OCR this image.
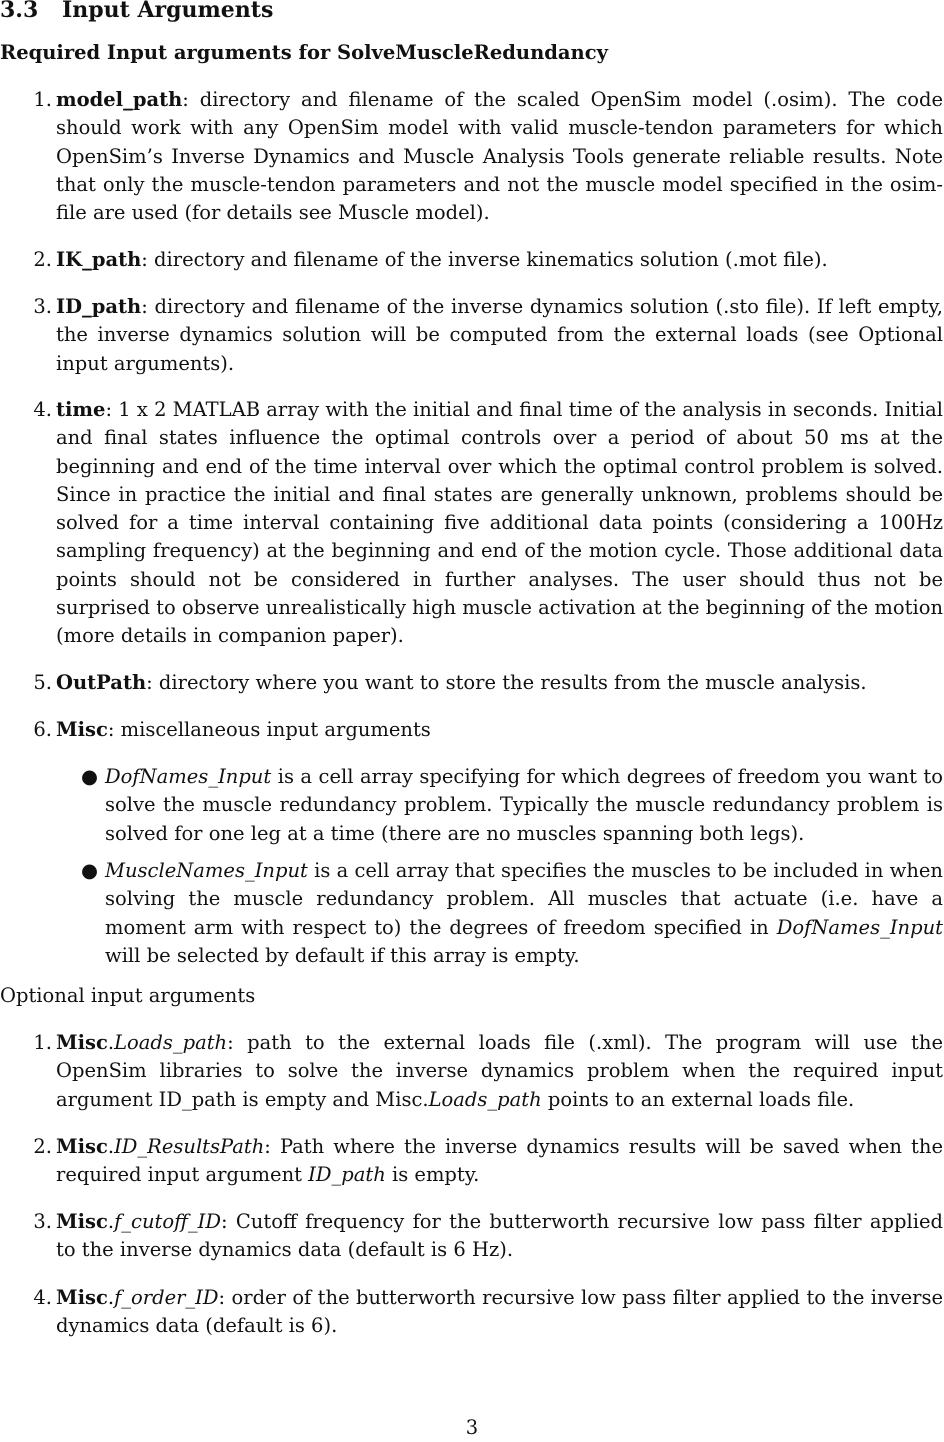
3.3 Input Arguments

Required Input arguments for SolveMuscleRedundancy

1. model_path: directory and filename of the scaled OpenSim model (.osim). The code should work with any OpenSim model with valid muscle-tendon parameters for which OpenSim’s Inverse Dynamics and Muscle Analysis Tools generate reliable results. Note that only the muscle-tendon parameters and not the muscle model specified in the osim-file are used (for details see Muscle model).
2. IK_path: directory and filename of the inverse kinematics solution (.mot file).
3. ID_path: directory and filename of the inverse dynamics solution (.sto file). If left empty, the inverse dynamics solution will be computed from the external loads (see Optional input arguments).
4. time: 1 x 2 MATLAB array with the initial and final time of the analysis in seconds. Initial and final states influence the optimal controls over a period of about 50 ms at the beginning and end of the time interval over which the optimal control problem is solved. Since in practice the initial and final states are generally unknown, problems should be solved for a time interval containing five additional data points (considering a 100Hz sampling frequency) at the beginning and end of the motion cycle. Those additional data points should not be considered in further analyses. The user should thus not be surprised to observe unrealistically high muscle activation at the beginning of the motion (more details in companion paper).
5. OutPath: directory where you want to store the results from the muscle analysis.
6. Misc: miscellaneous input arguments
● DofNames_Input is a cell array specifying for which degrees of freedom you want to solve the muscle redundancy problem. Typically the muscle redundancy problem is solved for one leg at a time (there are no muscles spanning both legs).
● MuscleNames_Input is a cell array that specifies the muscles to be included in when solving the muscle redundancy problem. All muscles that actuate (i.e. have a moment arm with respect to) the degrees of freedom specified in DofNames_Input will be selected by default if this array is empty.

Optional input arguments

1. Misc.Loads_path: path to the external loads file (.xml). The program will use the OpenSim libraries to solve the inverse dynamics problem when the required input argument ID_path is empty and Misc.Loads_path points to an external loads file.
2. Misc.ID_ResultsPath: Path where the inverse dynamics results will be saved when the required input argument ID_path is empty.
3. Misc.f_cutoff_ID: Cutoff frequency for the butterworth recursive low pass filter applied to the inverse dynamics data (default is 6 Hz).
4. Misc.f_order_ID: order of the butterworth recursive low pass filter applied to the inverse dynamics data (default is 6).
3
